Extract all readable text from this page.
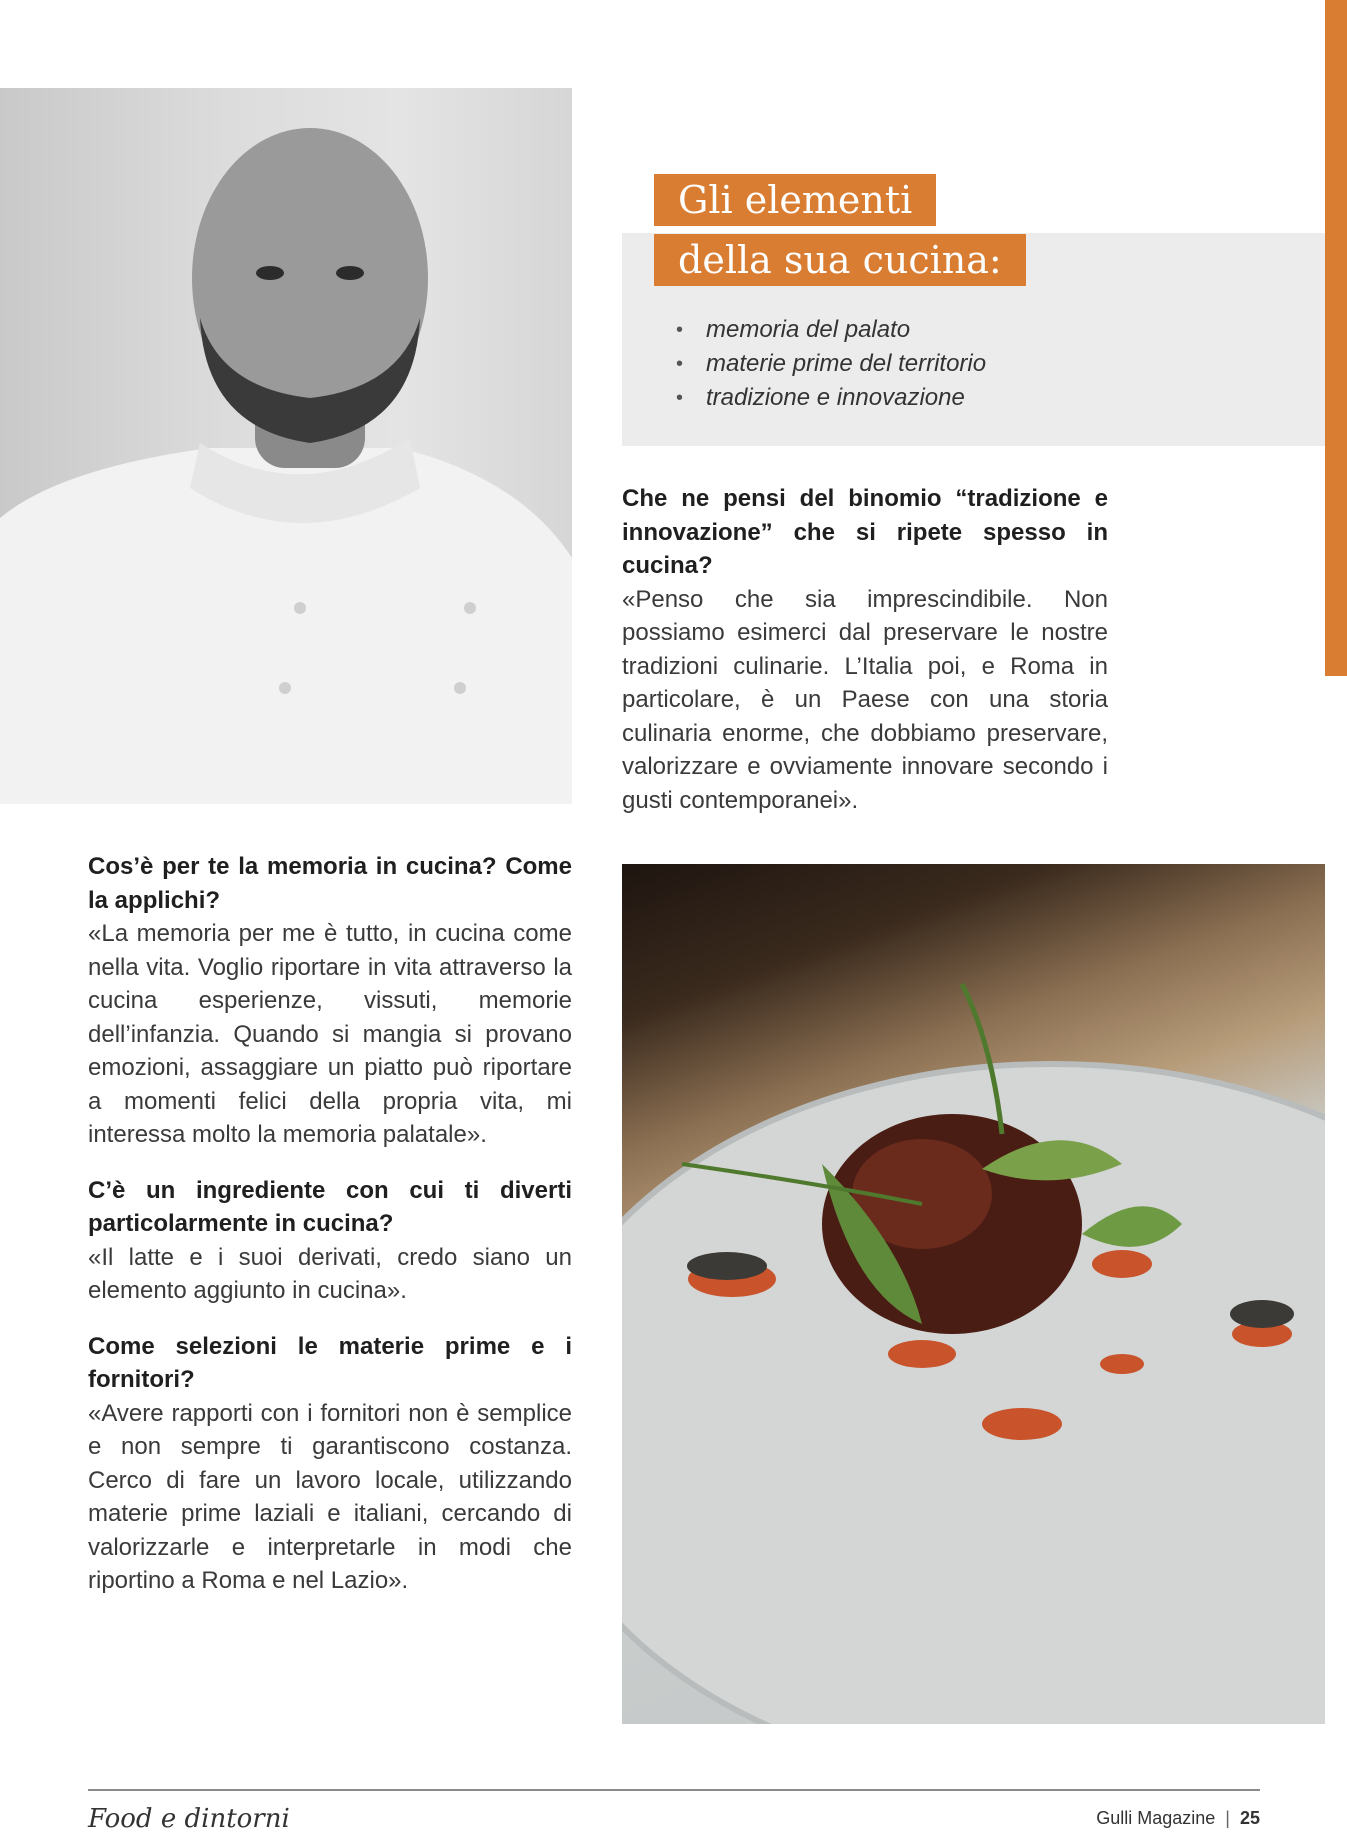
Gli elementi
della sua cucina:
• memoria del palato
• materie prime del territorio
• tradizione e innovazione

Che ne pensi del binomio “tradizione e innovazione” che si ripete spesso in cucina?

«Penso che sia imprescindibile. Non possiamo esimerci dal preservare le nostre tradizioni culinarie. L’Italia poi, e Roma in particolare, è un Paese con una storia culinaria enorme, che dobbiamo preservare, valorizzare e ovviamente innovare secondo i gusti contemporanei».

Cos’è per te la memoria in cucina? Come la applichi?

«La memoria per me è tutto, in cucina come nella vita. Voglio riportare in vita attraverso la cucina esperienze, vissuti, memorie dell’infanzia. Quando si mangia si provano emozioni, assaggiare un piatto può riportare a momenti felici della propria vita, mi interessa molto la memoria palatale».

C’è un ingrediente con cui ti diverti particolarmente in cucina?

«Il latte e i suoi derivati, credo siano un elemento aggiunto in cucina».

Come selezioni le materie prime e i fornitori?

«Avere rapporti con i fornitori non è semplice e non sempre ti garantiscono costanza. Cerco di fare un lavoro locale, utilizzando materie prime laziali e italiani, cercando di valorizzarle e interpretarle in modi che riportino a Roma e nel Lazio».

Food e dintorni	Gulli Magazine | 25
